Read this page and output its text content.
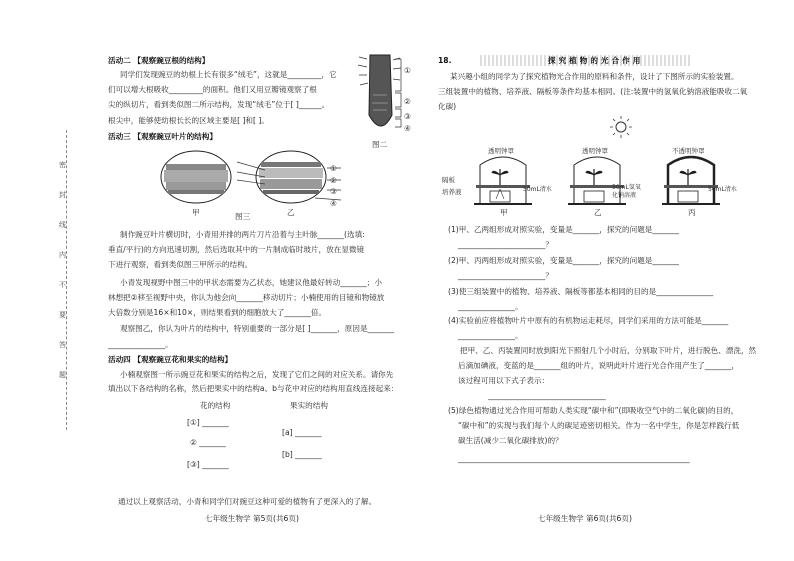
密
封
线
内
不
要
答
题
活动二 【观察豌豆根的结构】
同学们发现豌豆的幼根上长有很多“绒毛”，这就是_________，它
们可以增大根吸收_________的面积。他们又用豆瓣镜观察了根
尖的纵切片，看到类似图二所示结构，发现“绒毛”位于[ ]______。
根尖中，能够使幼根长长的区域主要是[ ]和[ ]。
①
②
③
④
图二
活动三 【观察豌豆叶片的结构】
①
②
③
④
甲	图三	乙
制作豌豆叶片横切时，小青用并排的两片刀片沿着与主叶脉_______(选填:
垂直/平行)的方向迅速切割，然后选取其中的一片制成临时玻片，放在显微镜
下进行观察，看到类似图三甲所示的结构。
小青发现视野中图三中的甲状态需要为乙状态，她建议他最好转动_______；小
林想把②移至视野中央，你认为他会向_______移动切片；小楠使用的目镜和物镜放
大倍数分别是16×和10×，则结果看到的细胞放大了_______倍。
观察图乙，你认为叶片的结构中，特别重要的一部分是[ ]_______，原因是_______
_______________。
活动四 【观察豌豆花和果实的结构】
小楠观察图一所示豌豆花和果实的结构之后，发现了它们之间的对应关系。请你先
填出以下各结构的名称，然后把果实中的结构a、b与花中对应的结构用直线连接起来：
花的结构	果实的结构
[①] _______
② _______
[③] _______
[a] _______
[b] _______
通过以上观察活动，小青和同学们对豌豆这种可爱的植物有了更深入的了解。
七年级生物学 第5页(共6页)
18.	探究植物的光合作用
某兴趣小组的同学为了探究植物光合作用的原料和条件，设计了下图所示的实验装置。
三组装置中的植物、培养液、隔板等条件均基本相同。(注:装置中的氢氧化钠溶液能吸收二氧
化碳)
透明钟罩	透明钟罩	不透明钟罩
隔板
培养液	50mL清水	50mL氢氧化钠溶液
50mL清水
甲	乙	丙
(1)甲、乙两组形成对照实验，变量是_______，探究的问题是_______
_______________________？
(2)甲、丙两组形成对照实验，变量是_______，探究的问题是_______
_______________________？
(3)使三组装置中的植物、培养液、隔板等都基本相同的目的是_______________
_______________。
(4)实验前应将植物叶片中原有的有机物运走耗尽，同学们采用的方法可能是_______
_______________。
把甲、乙、丙装置同时放到阳光下照射几个小时后，分别取下叶片，进行脱色、漂洗，然
后滴加碘液，变蓝的是_______组的叶片，说明此叶片进行光合作用产生了_______，
该过程可用以下式子表示：
_______________________________
(5)绿色植物通过光合作用可帮助人类实现“碳中和”(即吸收空气中的二氧化碳)的目的，
“碳中和”的实现与我们每个人的碳足迹密切相关。作为一名中学生，你是怎样践行低
碳生活(减少二氧化碳排放)的？
_____________________________________________________________
七年级生物学 第6页(共6页)
